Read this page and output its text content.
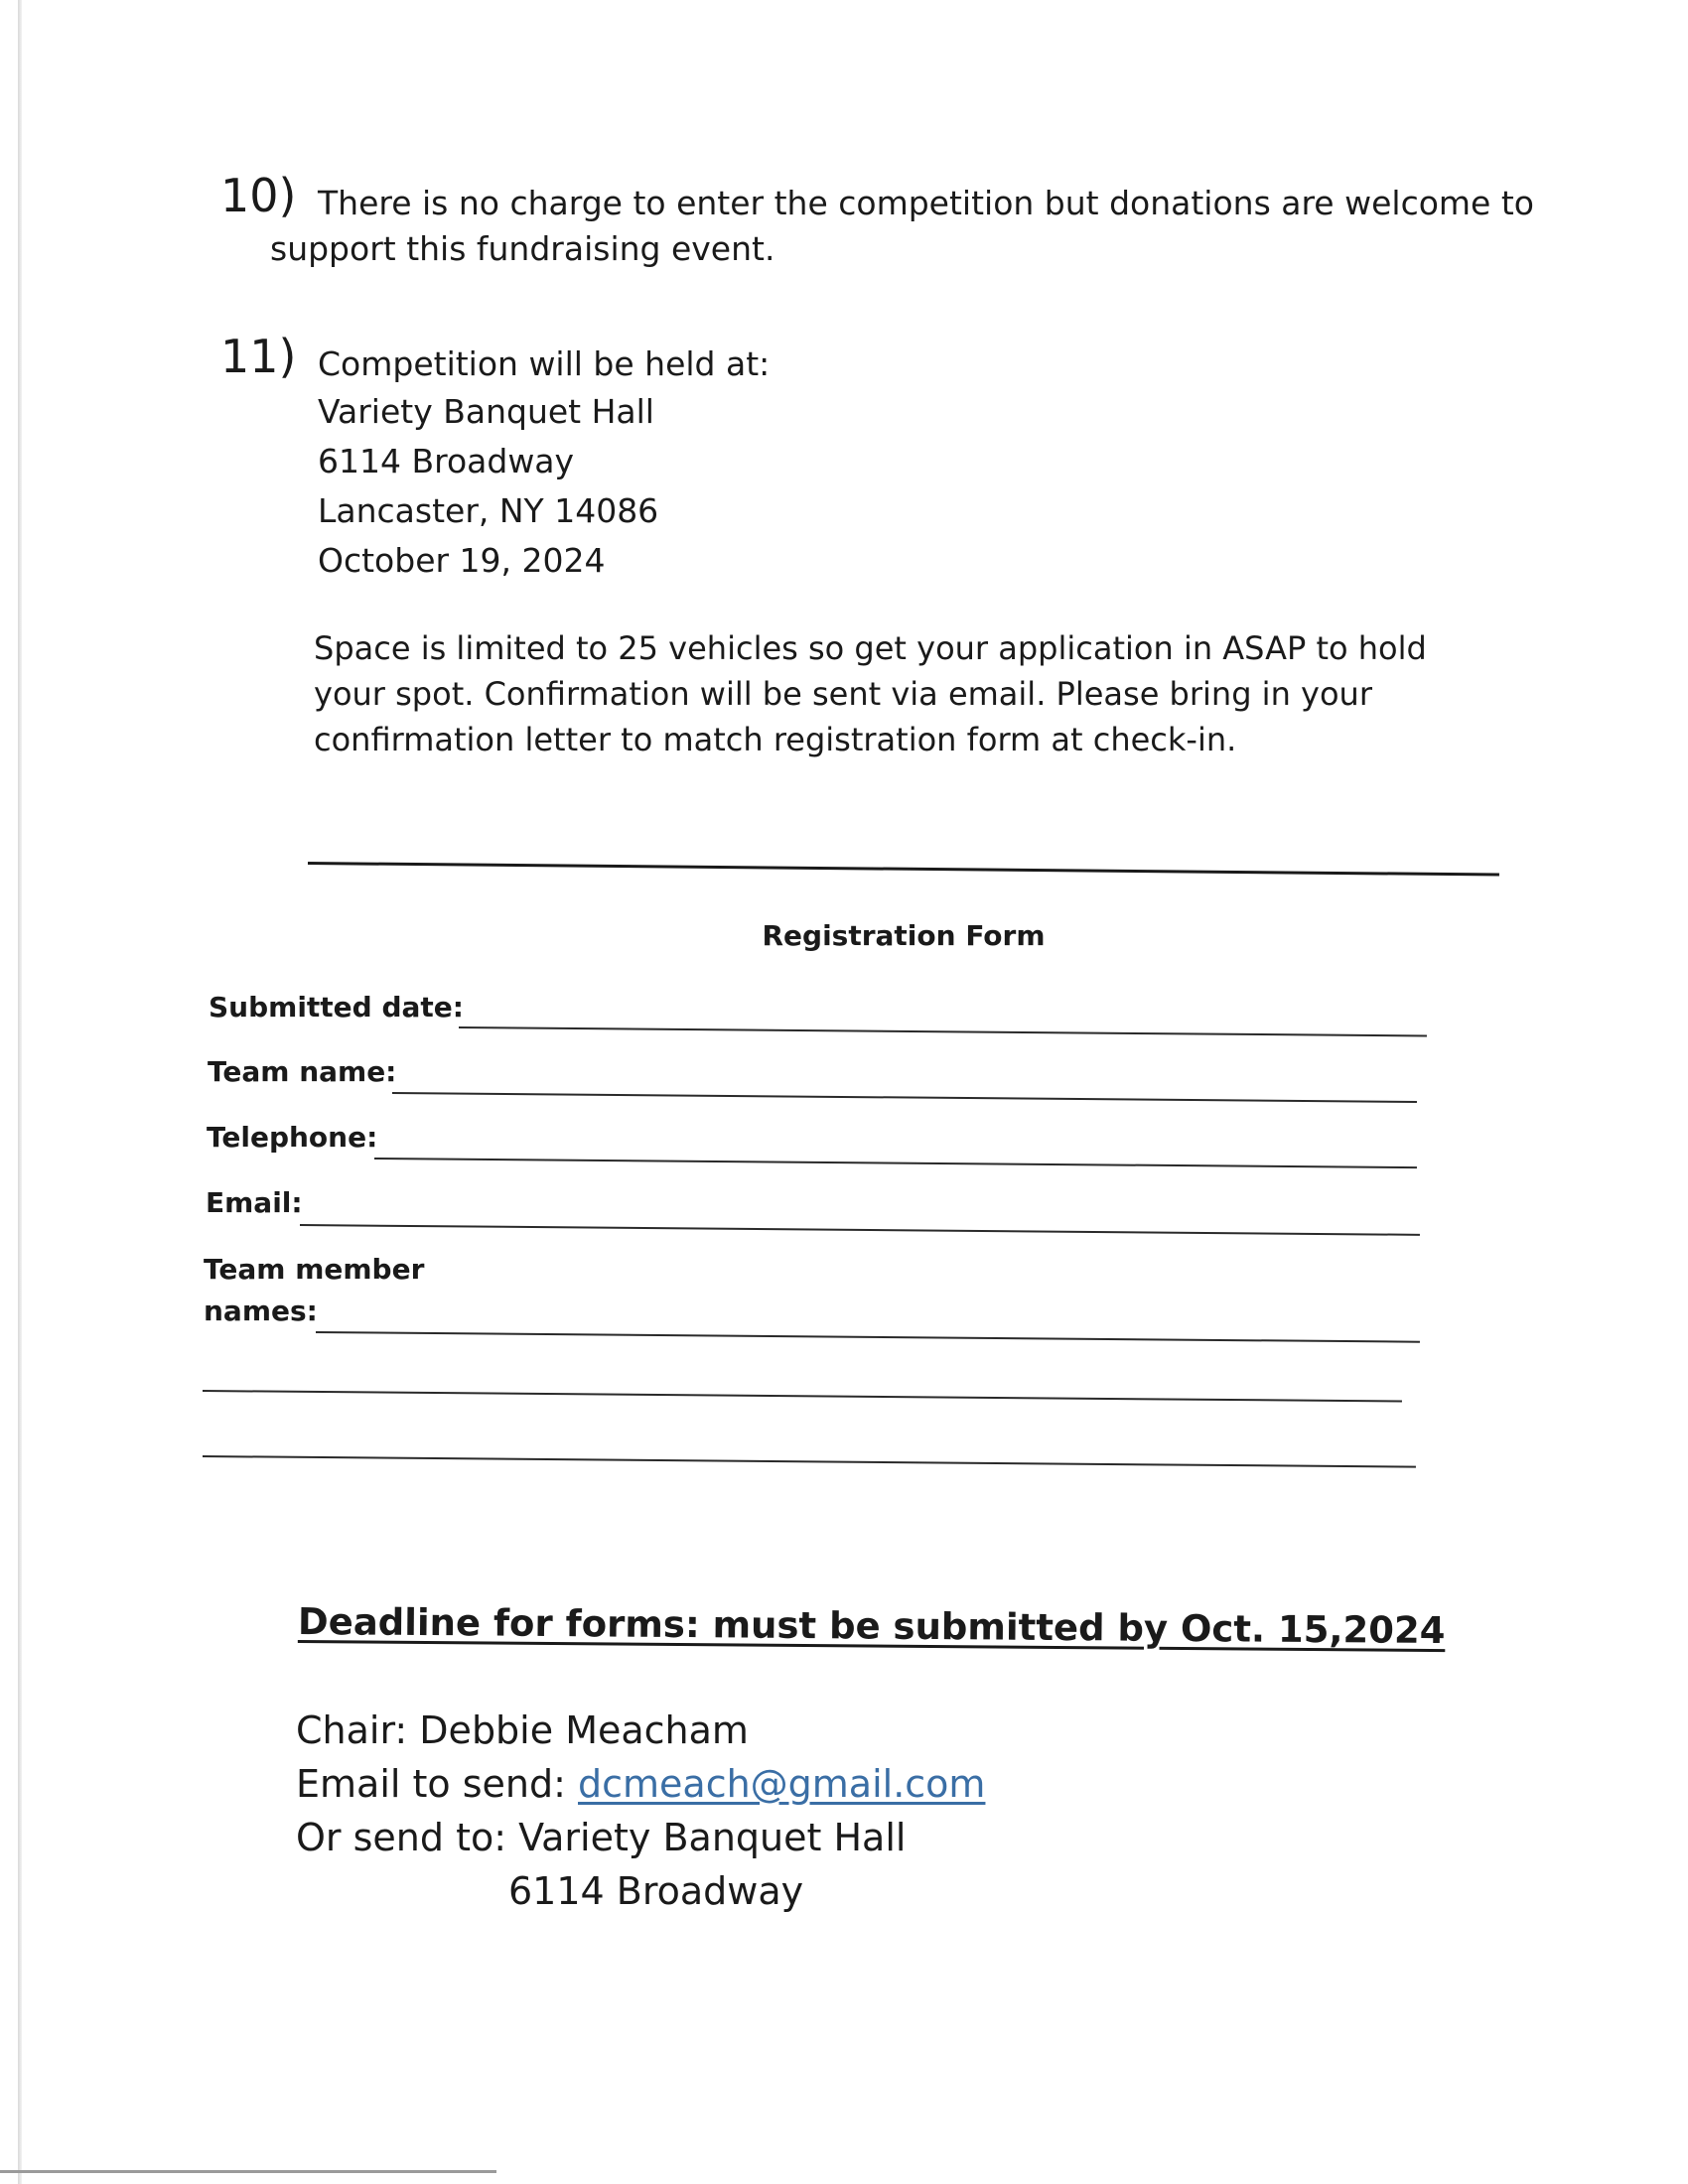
10) There is no charge to enter the competition but donations are welcome to support this fundraising event.
11) Competition will be held at:
Variety Banquet Hall
6114 Broadway
Lancaster, NY 14086
October 19, 2024
Space is limited to 25 vehicles so get your application in ASAP to hold your spot. Confirmation will be sent via email. Please bring in your confirmation letter to match registration form at check-in.
Registration Form
Submitted date:
Team name:
Telephone:
Email:
Team member
names:
Deadline for forms: must be submitted by Oct. 15,2024
Chair: Debbie Meacham
Email to send: dcmeach@gmail.com
Or send to: Variety Banquet Hall
6114 Broadway
